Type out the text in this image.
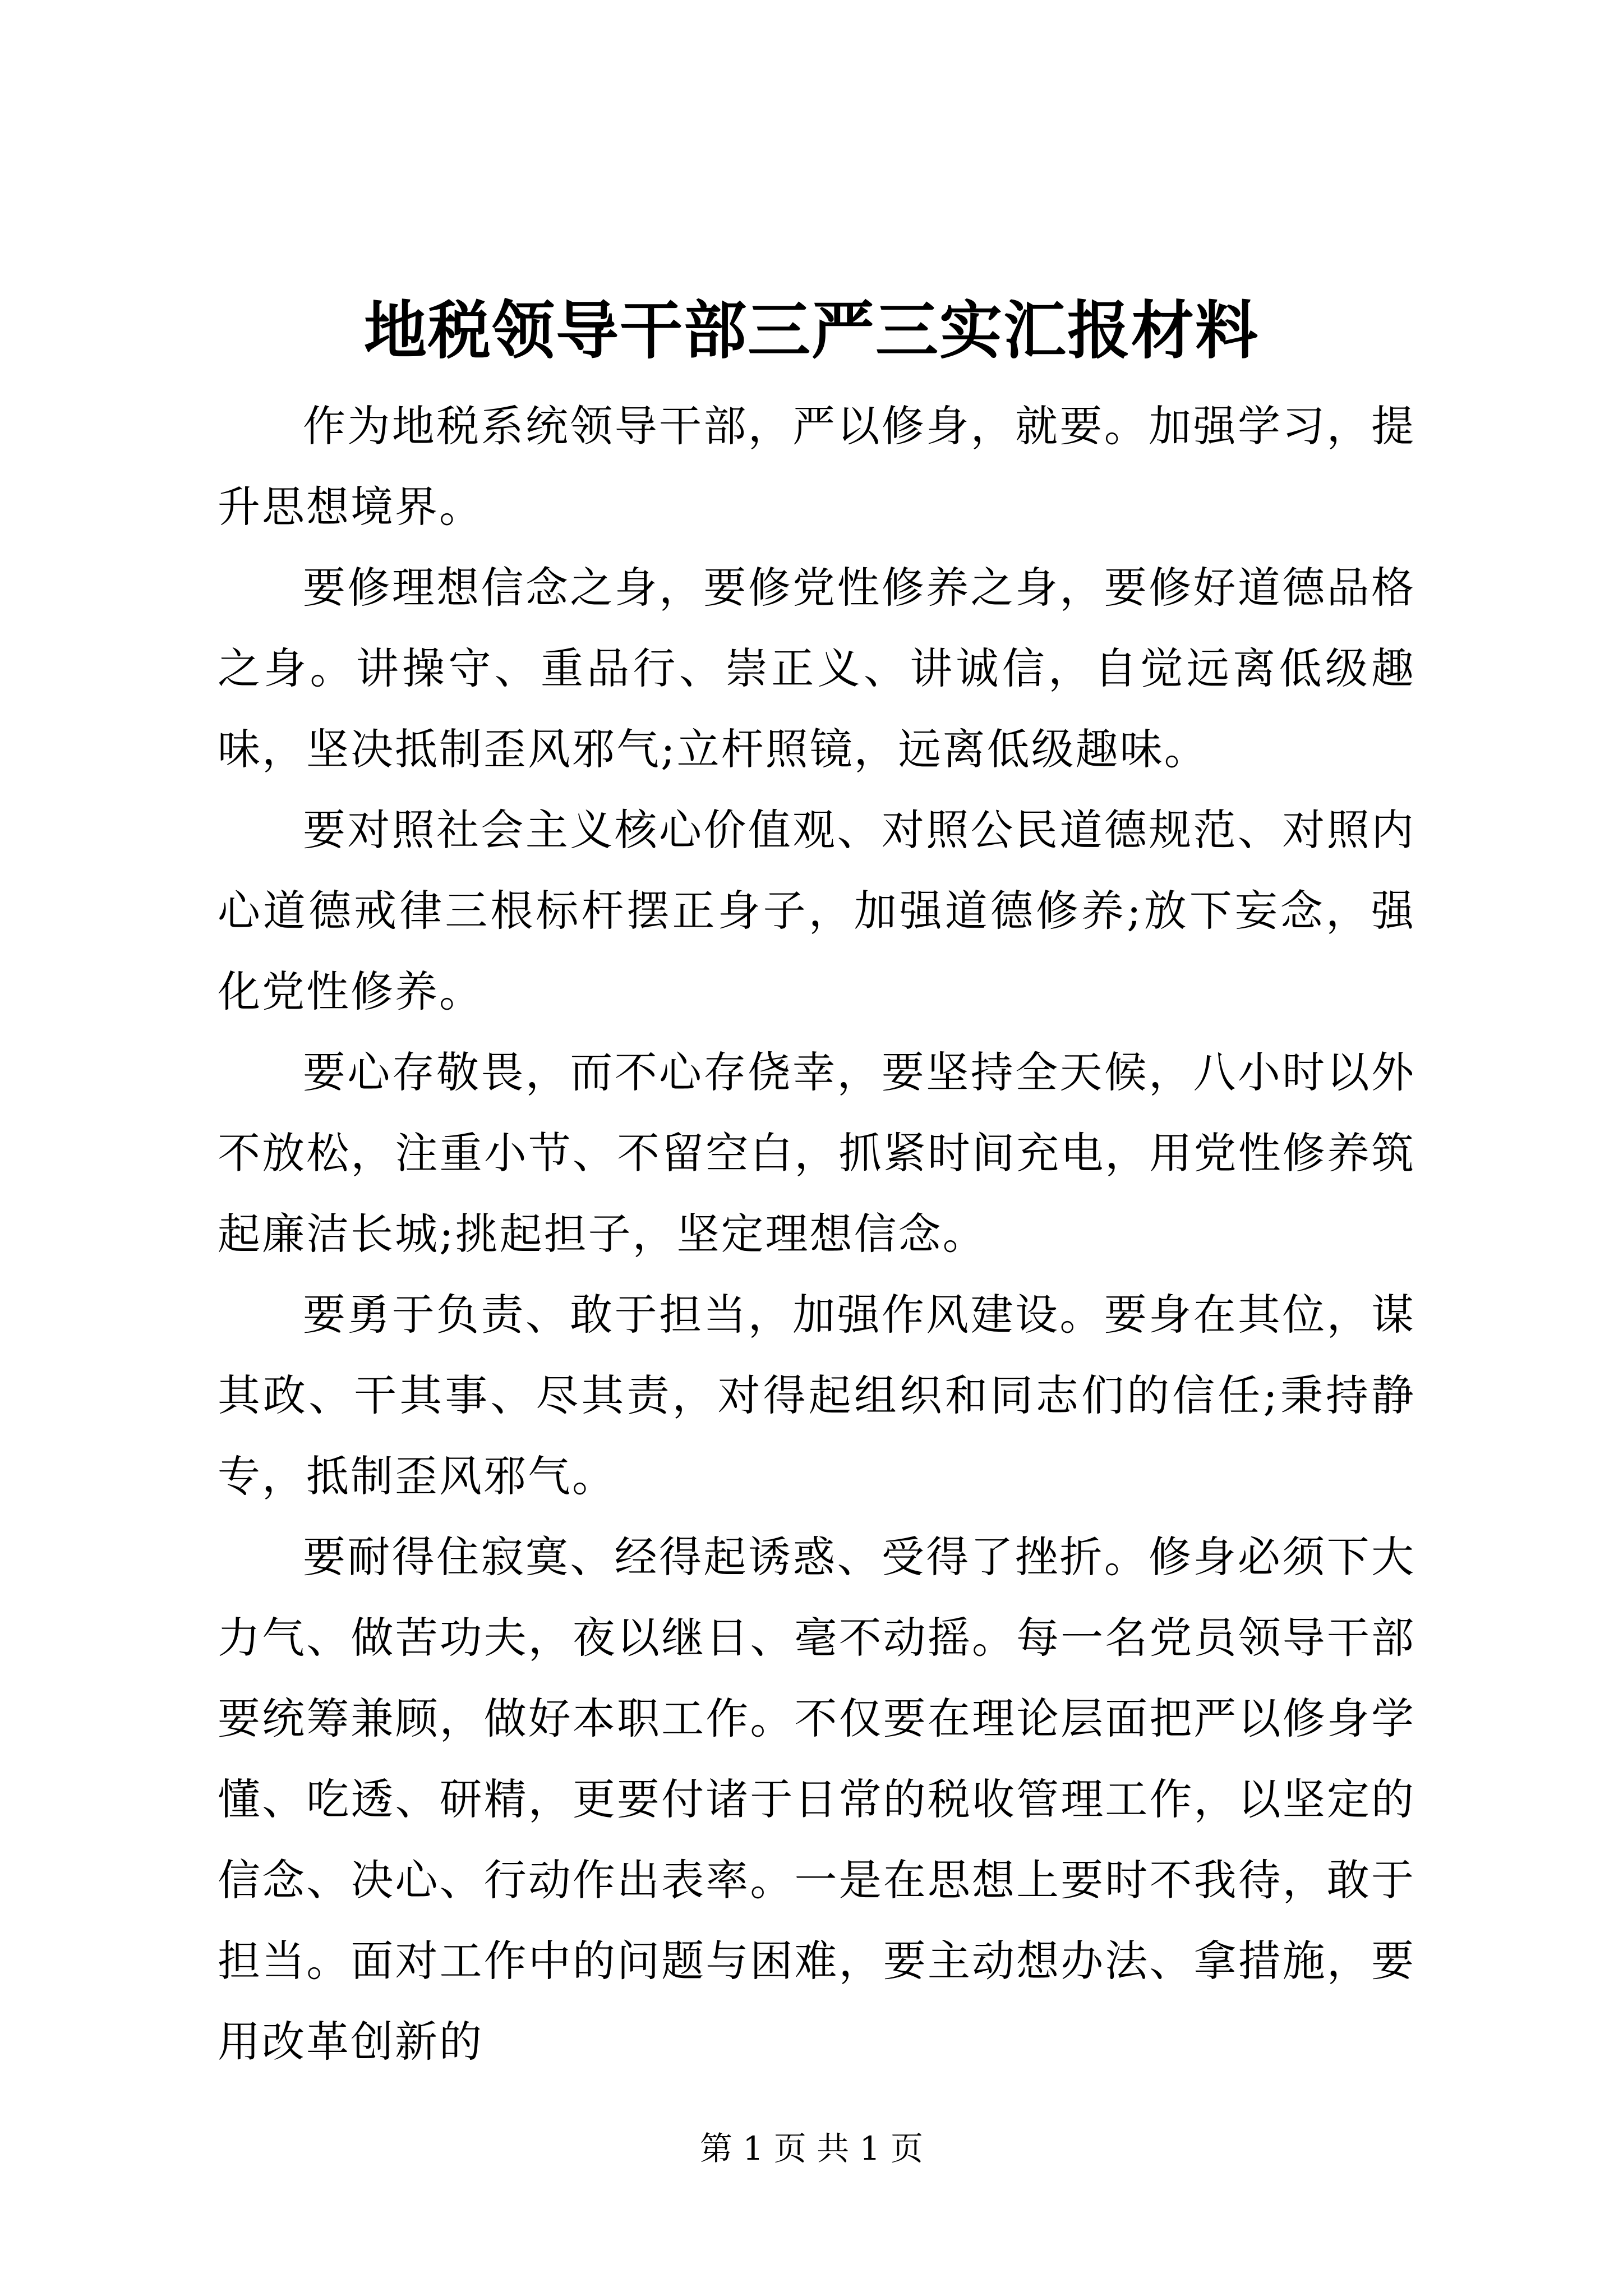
地税领导干部三严三实汇报材料

作为地税系统领导干部，严以修身，就要。加强学习，提升思想境界。

要修理想信念之身，要修党性修养之身，要修好道德品格之身。讲操守、重品行、崇正义、讲诚信，自觉远离低级趣味，坚决抵制歪风邪气;立杆照镜，远离低级趣味。

要对照社会主义核心价值观、对照公民道德规范、对照内心道德戒律三根标杆摆正身子，加强道德修养;放下妄念，强化党性修养。

要心存敬畏，而不心存侥幸，要坚持全天候，八小时以外不放松，注重小节、不留空白，抓紧时间充电，用党性修养筑起廉洁长城;挑起担子，坚定理想信念。

要勇于负责、敢于担当，加强作风建设。要身在其位，谋其政、干其事、尽其责，对得起组织和同志们的信任;秉持静专，抵制歪风邪气。

要耐得住寂寞、经得起诱惑、受得了挫折。修身必须下大力气、做苦功夫，夜以继日、毫不动摇。每一名党员领导干部要统筹兼顾，做好本职工作。不仅要在理论层面把严以修身学懂、吃透、研精，更要付诸于日常的税收管理工作，以坚定的信念、决心、行动作出表率。一是在思想上要时不我待，敢于担当。面对工作中的问题与困难，要主动想办法、拿措施，要用改革创新的

第 1 页 共 1 页
